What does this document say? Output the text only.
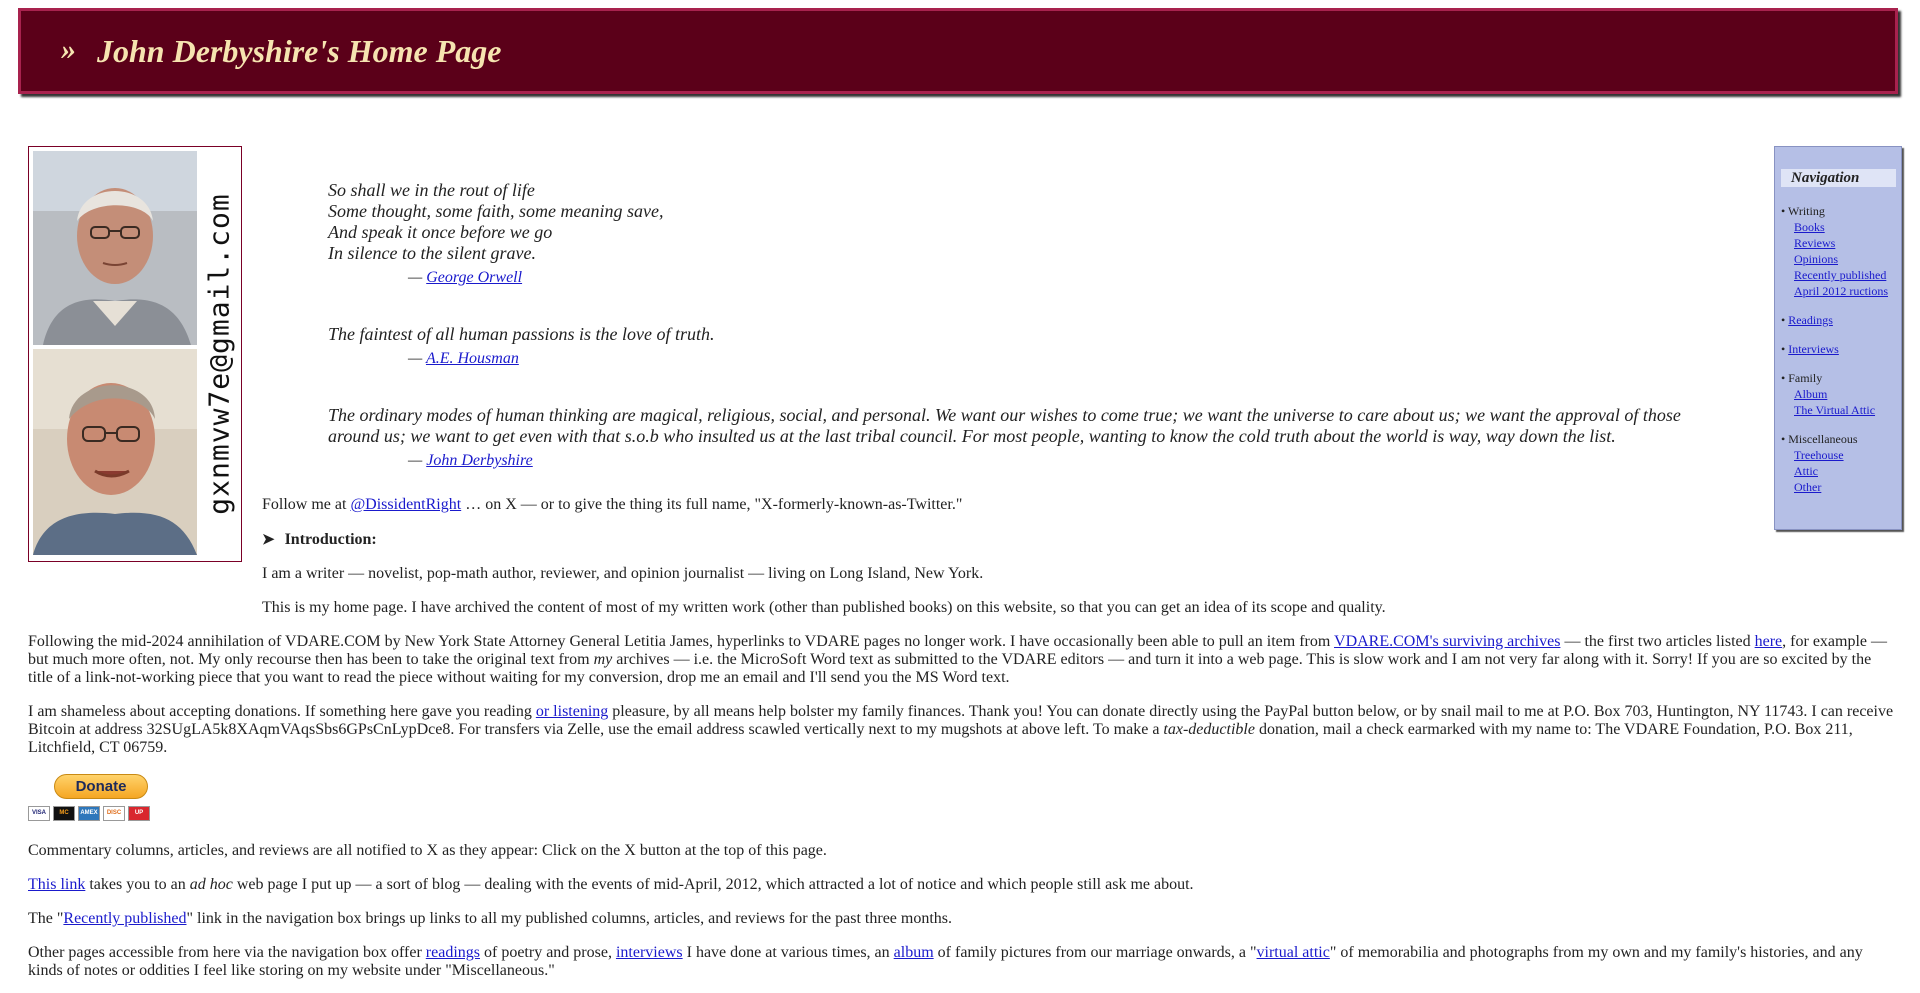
» John Derbyshire's Home Page
gxnmvw7e@gmail.com
So shall we in the rout of life
Some thought, some faith, some meaning save,
And speak it once before we go
In silence to the silent grave.
— George Orwell
The faintest of all human passions is the love of truth.
— A.E. Housman
The ordinary modes of human thinking are magical, religious, social, and personal. We want our wishes to come true; we want the universe to care about us; we want the approval of those around us; we want to get even with that s.o.b who insulted us at the last tribal council. For most people, wanting to know the cold truth about the world is way, way down the list.
— John Derbyshire
Follow me at @DissidentRight … on X — or to give the thing its full name, "X-formerly-known-as-Twitter."
➤ Introduction:
I am a writer — novelist, pop-math author, reviewer, and opinion journalist — living on Long Island, New York.
This is my home page. I have archived the content of most of my written work (other than published books) on this website, so that you can get an idea of its scope and quality.
Following the mid-2024 annihilation of VDARE.COM by New York State Attorney General Letitia James, hyperlinks to VDARE pages no longer work. I have occasionally been able to pull an item from VDARE.COM's surviving archives — the first two articles listed here, for example — but much more often, not. My only recourse then has been to take the original text from my archives — i.e. the MicroSoft Word text as submitted to the VDARE editors — and turn it into a web page. This is slow work and I am not very far along with it. Sorry! If you are so excited by the title of a link-not-working piece that you want to read the piece without waiting for my conversion, drop me an email and I'll send you the MS Word text.
I am shameless about accepting donations. If something here gave you reading or listening pleasure, by all means help bolster my family finances. Thank you! You can donate directly using the PayPal button below, or by snail mail to me at P.O. Box 703, Huntington, NY 11743. I can receive Bitcoin at address 32SUgLA5k8XAqmVAqsSbs6GPsCnLypDce8. For transfers via Zelle, use the email address scawled vertically next to my mugshots at above left. To make a tax-deductible donation, mail a check earmarked with my name to: The VDARE Foundation, P.O. Box 211, Litchfield, CT 06759.
Donate
VISA	MC	AMEX	DISC	UP
Commentary columns, articles, and reviews are all notified to X as they appear: Click on the X button at the top of this page.
This link takes you to an ad hoc web page I put up — a sort of blog — dealing with the events of mid-April, 2012, which attracted a lot of notice and which people still ask me about.
The "Recently published" link in the navigation box brings up links to all my published columns, articles, and reviews for the past three months.
Other pages accessible from here via the navigation box offer readings of poetry and prose, interviews I have done at various times, an album of family pictures from our marriage onwards, a "virtual attic" of memorabilia and photographs from my own and my family's histories, and any kinds of notes or oddities I feel like storing on my website under "Miscellaneous."
Navigation
• Writing
Books
Reviews
Opinions
Recently published
April 2012 ructions
• Readings
• Interviews
• Family
Album
The Virtual Attic
• Miscellaneous
Treehouse
Attic
Other
